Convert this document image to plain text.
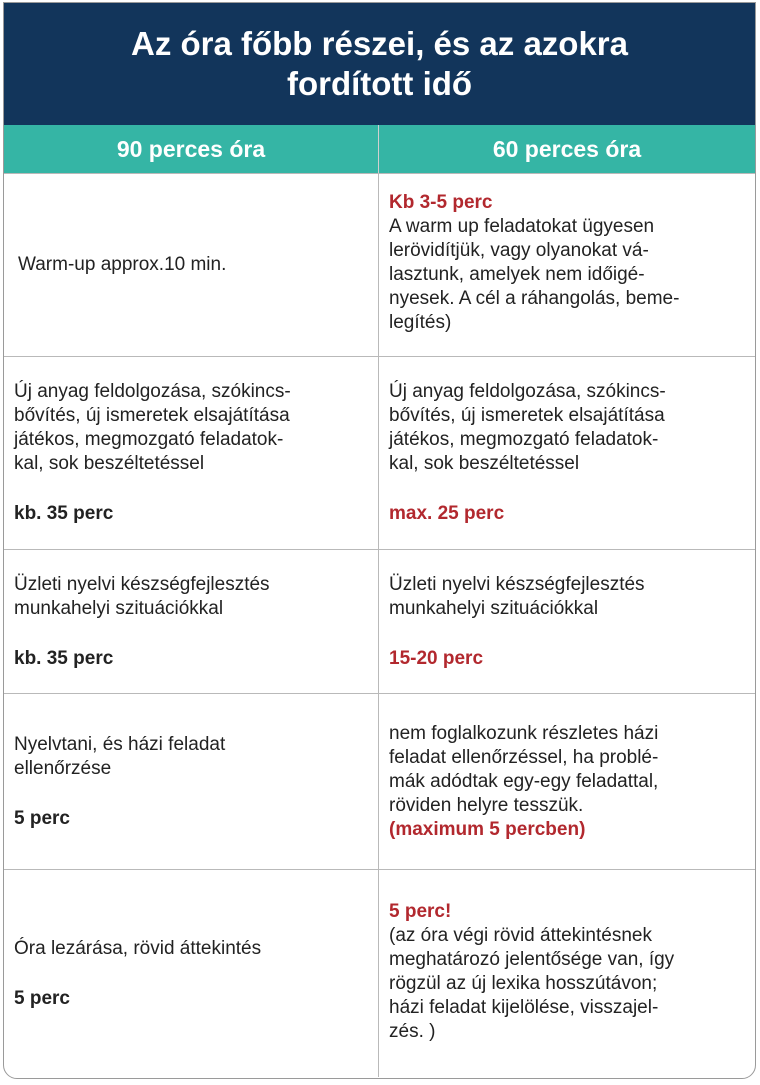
Az óra főbb részei, és az azokra fordított idő
90 perces óra	60 perces óra
Warm-up approx.10 min.
Kb 3-5 perc
A warm up feladatokat ügyesen
lerövidítjük, vagy olyanokat vá-
lasztunk, amelyek nem időigé-
nyesek. A cél a ráhangolás, beme-
legítés)
Új anyag feldolgozása, szókincs-
bővítés, új ismeretek elsajátítása
játékos, megmozgató feladatok-
kal, sok beszéltetéssel
kb. 35 perc
Új anyag feldolgozása, szókincs-
bővítés, új ismeretek elsajátítása
játékos, megmozgató feladatok-
kal, sok beszéltetéssel
max. 25 perc
Üzleti nyelvi készségfejlesztés
munkahelyi szituációkkal
kb. 35 perc
Üzleti nyelvi készségfejlesztés
munkahelyi szituációkkal
15-20 perc
Nyelvtani, és házi feladat
ellenőrzése
5 perc
nem foglalkozunk részletes házi
feladat ellenőrzéssel, ha problé-
mák adódtak egy-egy feladattal,
röviden helyre tesszük.
(maximum 5 percben)
Óra lezárása, rövid áttekintés
5 perc
5 perc!
(az óra végi rövid áttekintésnek
meghatározó jelentősége van, így
rögzül az új lexika hosszútávon;
házi feladat kijelölése, visszajel-
zés. )
